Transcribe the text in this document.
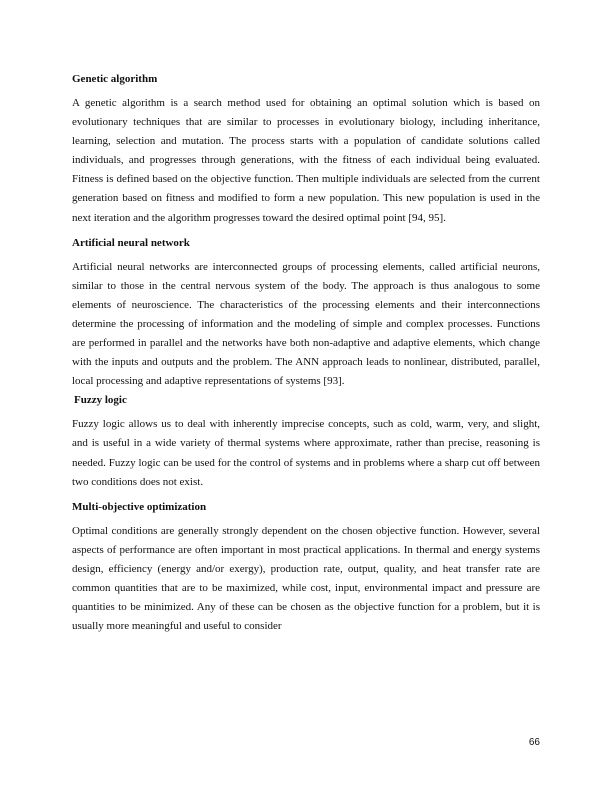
Genetic algorithm

A genetic algorithm is a search method used for obtaining an optimal solution which is based on evolutionary techniques that are similar to processes in evolutionary biology, including inheritance, learning, selection and mutation. The process starts with a population of candidate solutions called individuals, and progresses through generations, with the fitness of each individual being evaluated. Fitness is defined based on the objective function. Then multiple individuals are selected from the current generation based on fitness and modified to form a new population. This new population is used in the next iteration and the algorithm progresses toward the desired optimal point [94, 95].

Artificial neural network

Artificial neural networks are interconnected groups of processing elements, called artificial neurons, similar to those in the central nervous system of the body. The approach is thus analogous to some elements of neuroscience. The characteristics of the processing elements and their interconnections determine the processing of information and the modeling of simple and complex processes. Functions are performed in parallel and the networks have both non-adaptive and adaptive elements, which change with the inputs and outputs and the problem. The ANN approach leads to nonlinear, distributed, parallel, local processing and adaptive representations of systems [93].

Fuzzy logic

Fuzzy logic allows us to deal with inherently imprecise concepts, such as cold, warm, very, and slight, and is useful in a wide variety of thermal systems where approximate, rather than precise, reasoning is needed. Fuzzy logic can be used for the control of systems and in problems where a sharp cut off between two conditions does not exist.

Multi-objective optimization

Optimal conditions are generally strongly dependent on the chosen objective function. However, several aspects of performance are often important in most practical applications. In thermal and energy systems design, efficiency (energy and/or exergy), production rate, output, quality, and heat transfer rate are common quantities that are to be maximized, while cost, input, environmental impact and pressure are quantities to be minimized. Any of these can be chosen as the objective function for a problem, but it is usually more meaningful and useful to consider

66
